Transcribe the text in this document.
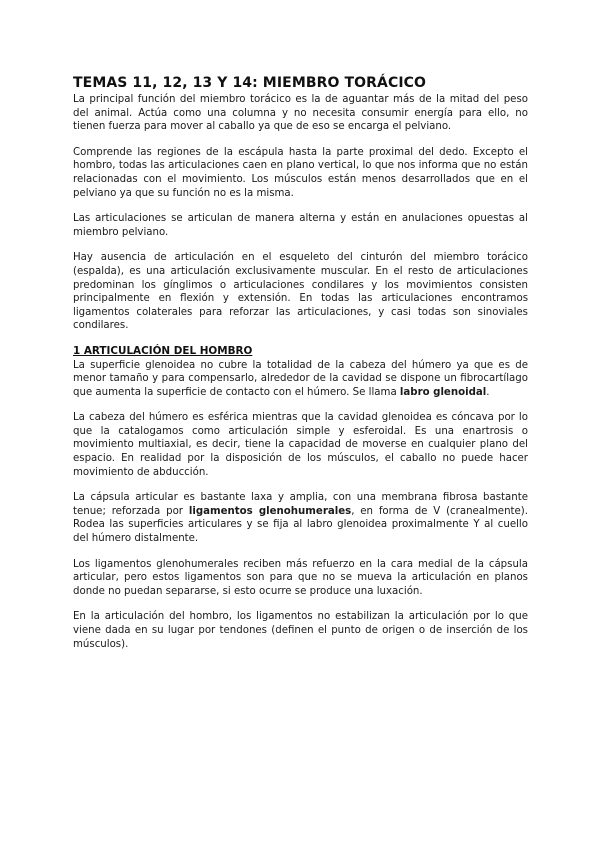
TEMAS 11, 12, 13 Y 14: MIEMBRO TORÁCICO

La principal función del miembro torácico es la de aguantar más de la mitad del peso del animal. Actúa como una columna y no necesita consumir energía para ello, no tienen fuerza para mover al caballo ya que de eso se encarga el pelviano.

Comprende las regiones de la escápula hasta la parte proximal del dedo. Excepto el hombro, todas las articulaciones caen en plano vertical, lo que nos informa que no están relacionadas con el movimiento. Los músculos están menos desarrollados que en el pelviano ya que su función no es la misma.

Las articulaciones se articulan de manera alterna y están en anulaciones opuestas al miembro pelviano.

Hay ausencia de articulación en el esqueleto del cinturón del miembro torácico (espalda), es una articulación exclusivamente muscular. En el resto de articulaciones predominan los gínglimos o articulaciones condilares y los movimientos consisten principalmente en flexión y extensión. En todas las articulaciones encontramos ligamentos colaterales para reforzar las articulaciones, y casi todas son sinoviales condilares.

1 ARTICULACIÓN DEL HOMBRO

La superficie glenoidea no cubre la totalidad de la cabeza del húmero ya que es de menor tamaño y para compensarlo, alrededor de la cavidad se dispone un fibrocartílago que aumenta la superficie de contacto con el húmero. Se llama labro glenoidal.

La cabeza del húmero es esférica mientras que la cavidad glenoidea es cóncava por lo que la catalogamos como articulación simple y esferoidal. Es una enartrosis o movimiento multiaxial, es decir, tiene la capacidad de moverse en cualquier plano del espacio. En realidad por la disposición de los músculos, el caballo no puede hacer movimiento de abducción.

La cápsula articular es bastante laxa y amplia, con una membrana fibrosa bastante tenue; reforzada por ligamentos glenohumerales, en forma de V (cranealmente). Rodea las superficies articulares y se fija al labro glenoidea proximalmente Y al cuello del húmero distalmente.

Los ligamentos glenohumerales reciben más refuerzo en la cara medial de la cápsula articular, pero estos ligamentos son para que no se mueva la articulación en planos donde no puedan separarse, si esto ocurre se produce una luxación.

En la articulación del hombro, los ligamentos no estabilizan la articulación por lo que viene dada en su lugar por tendones (definen el punto de origen o de inserción de los músculos).
